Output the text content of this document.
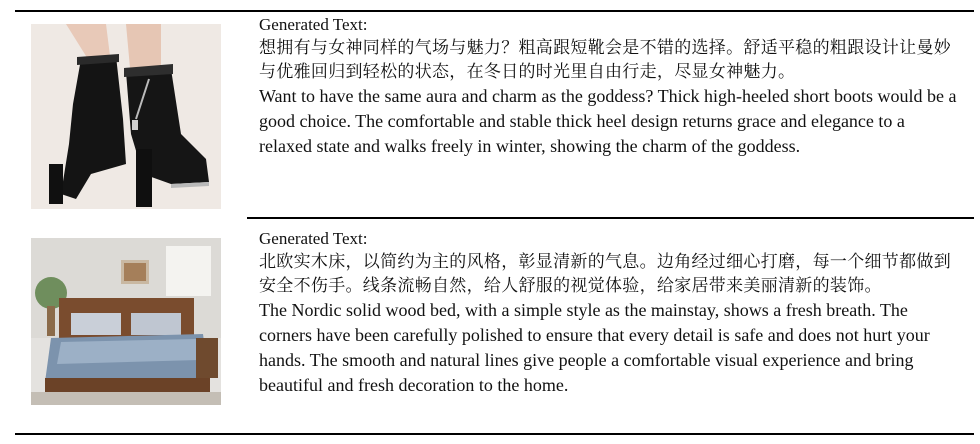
Generated Text:

想拥有与女神同样的气场与魅力？粗高跟短靴会是不错的选择。舒适平稳的粗跟设计让曼妙与优雅回归到轻松的状态，在冬日的时光里自由行走，尽显女神魅力。

Want to have the same aura and charm as the goddess? Thick high-heeled short boots would be a good choice. The comfortable and stable thick heel design returns grace and elegance to a relaxed state and walks freely in winter, showing the charm of the goddess.

Generated Text:

北欧实木床，以简约为主的风格，彰显清新的气息。边角经过细心打磨，每一个细节都做到安全不伤手。线条流畅自然，给人舒服的视觉体验，给家居带来美丽清新的装饰。

The Nordic solid wood bed, with a simple style as the mainstay, shows a fresh breath. The corners have been carefully polished to ensure that every detail is safe and does not hurt your hands. The smooth and natural lines give people a comfortable visual experience and bring beautiful and fresh decoration to the home.
